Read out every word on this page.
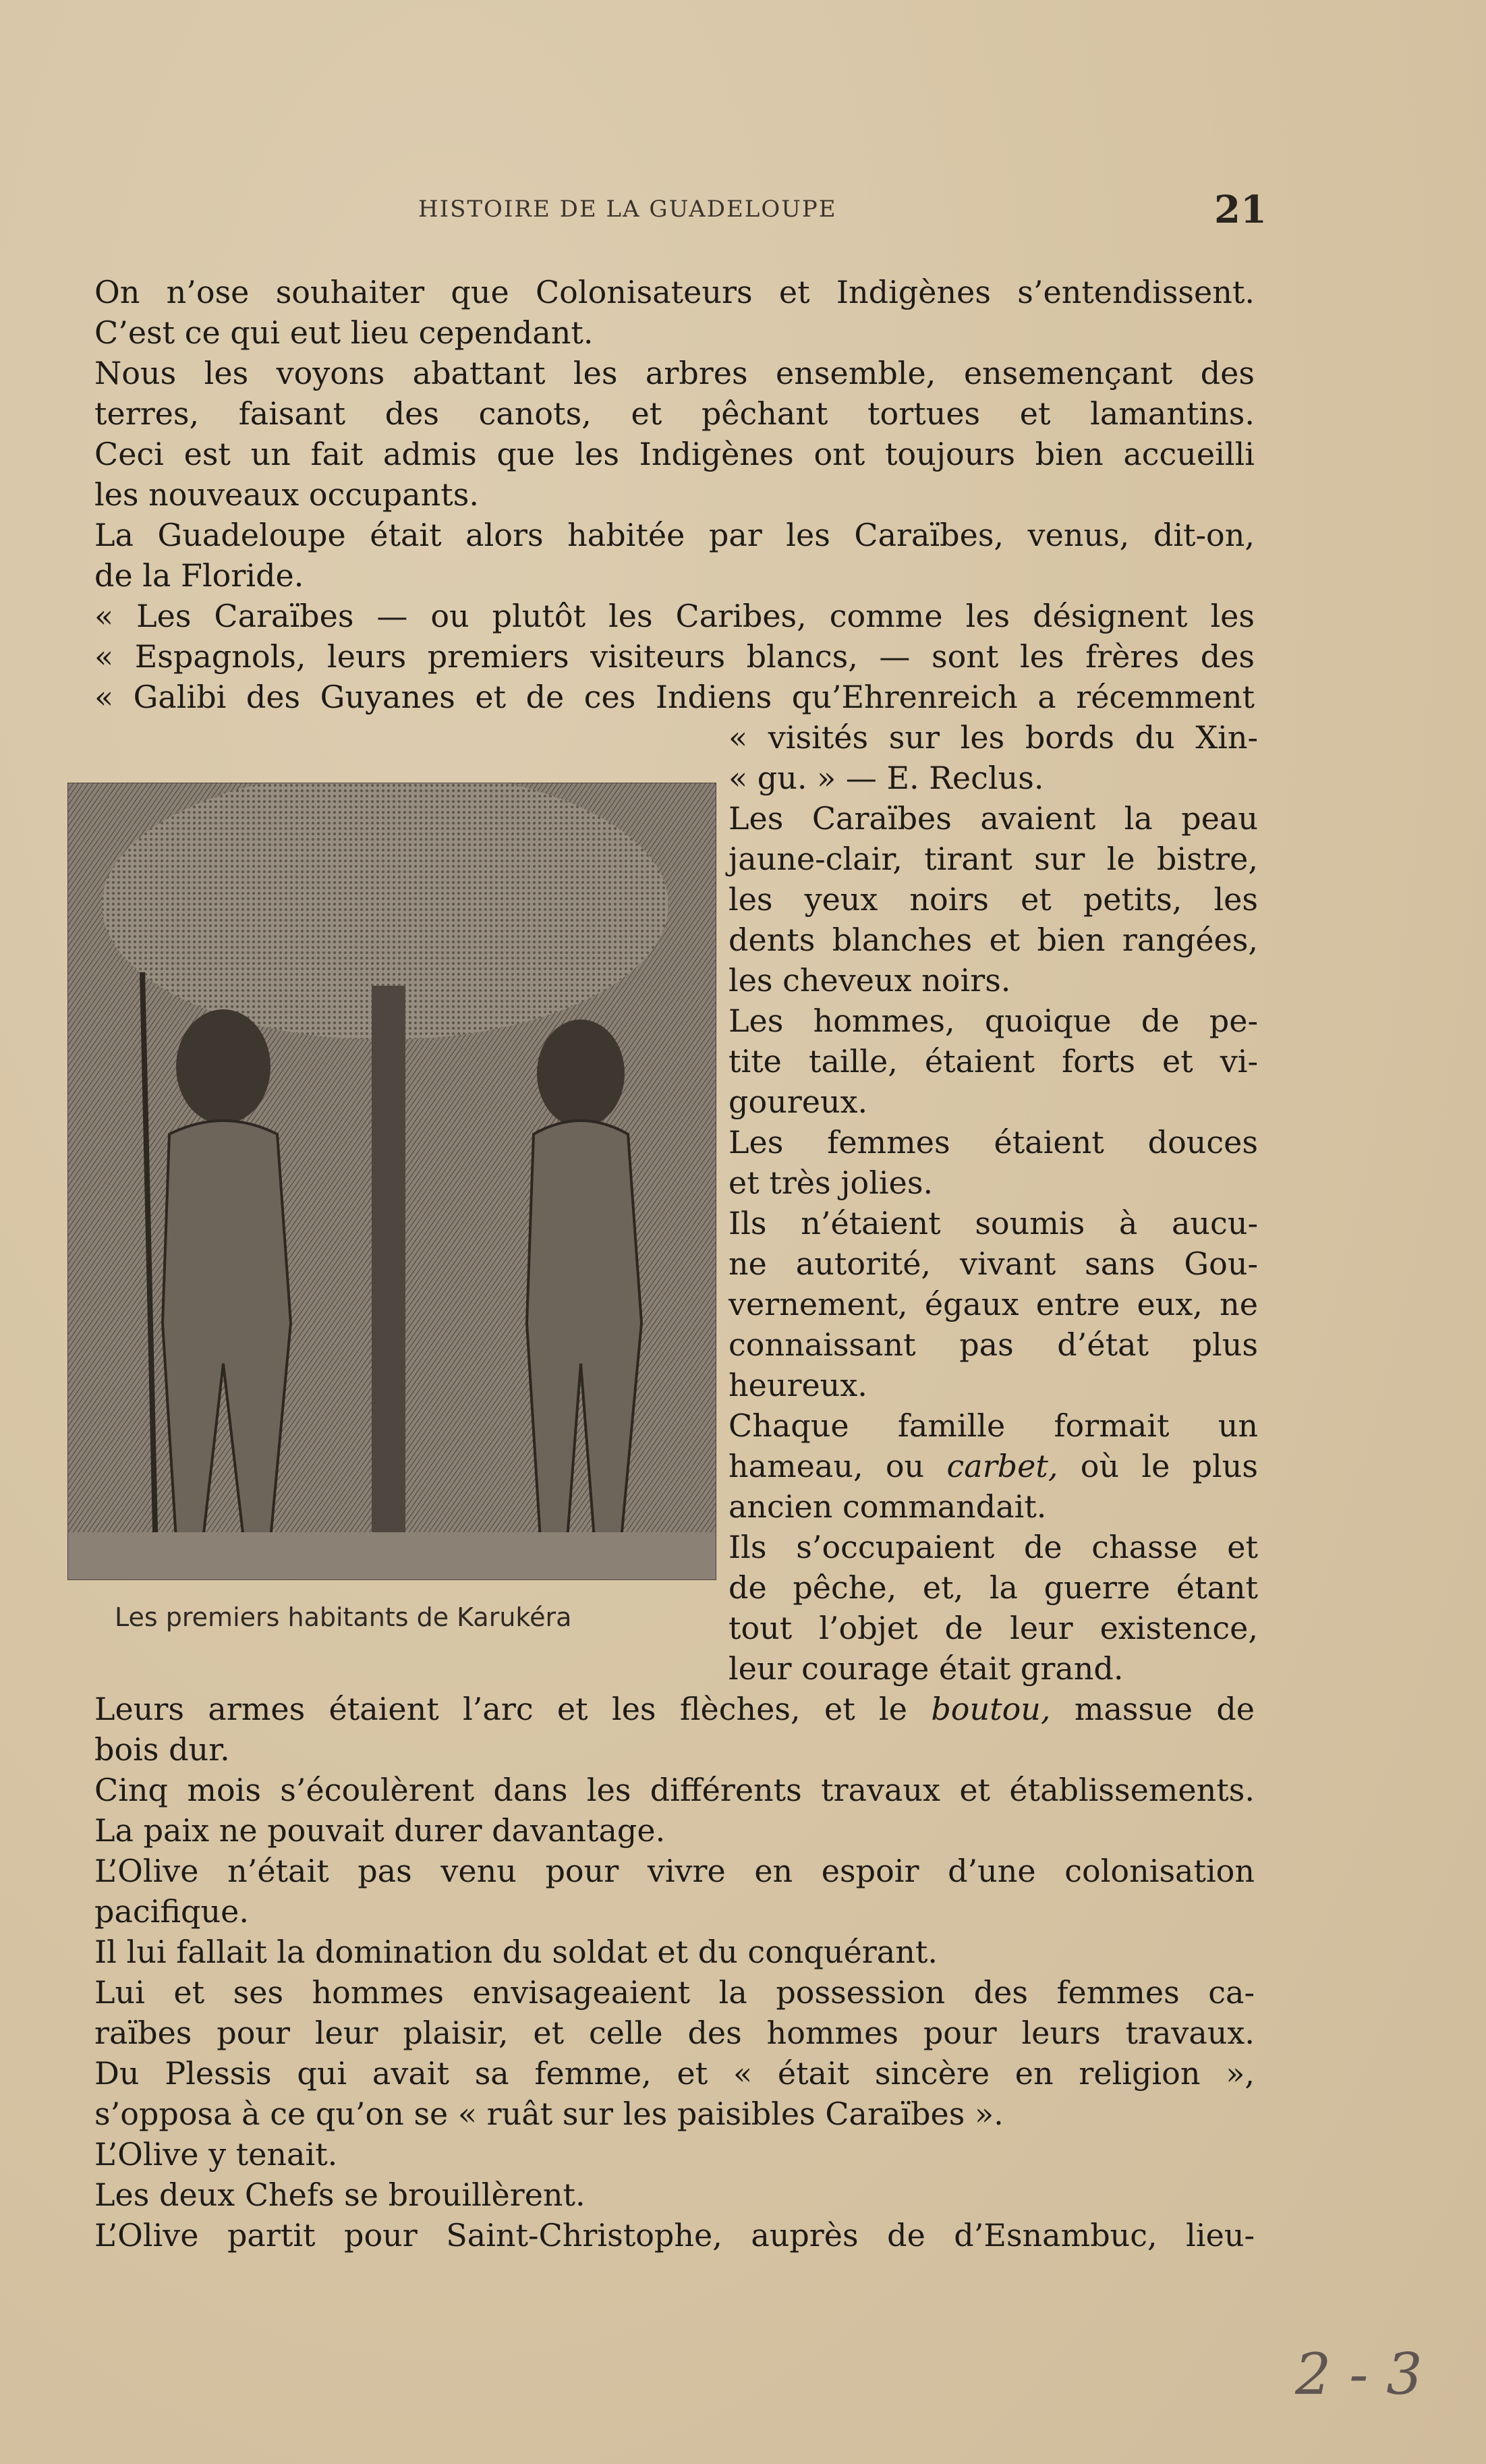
HISTOIRE DE LA GUADELOUPE	21
On n’ose souhaiter que Colonisateurs et Indigènes s’entendissent.
C’est ce qui eut lieu cependant.
Nous les voyons abattant les arbres ensemble, ensemençant des
terres, faisant des canots, et pêchant tortues et lamantins.
Ceci est un fait admis que les Indigènes ont toujours bien accueilli
les nouveaux occupants.
La Guadeloupe était alors habitée par les Caraïbes, venus, dit-on,
de la Floride.
« Les Caraïbes — ou plutôt les Caribes, comme les désignent les
« Espagnols, leurs premiers visiteurs blancs, — sont les frères des
« Galibi des Guyanes et de ces Indiens qu’Ehrenreich a récemment
Les premiers habitants de Karukéra
« visités sur les bords du Xin-
« gu. » — E. Reclus.
Les Caraïbes avaient la peau
jaune-clair, tirant sur le bistre,
les yeux noirs et petits, les
dents blanches et bien rangées,
les cheveux noirs.
Les hommes, quoique de pe-
tite taille, étaient forts et vi-
goureux.
Les femmes étaient douces
et très jolies.
Ils n’étaient soumis à aucu-
ne autorité, vivant sans Gou-
vernement, égaux entre eux, ne
connaissant pas d’état plus
heureux.
Chaque famille formait un
hameau, ou carbet, où le plus
ancien commandait.
Ils s’occupaient de chasse et
de pêche, et, la guerre étant
tout l’objet de leur existence,
leur courage était grand.
Leurs armes étaient l’arc et les flèches, et le boutou, massue de
bois dur.
Cinq mois s’écoulèrent dans les différents travaux et établissements.
La paix ne pouvait durer davantage.
L’Olive n’était pas venu pour vivre en espoir d’une colonisation
pacifique.
Il lui fallait la domination du soldat et du conquérant.
Lui et ses hommes envisageaient la possession des femmes ca-
raïbes pour leur plaisir, et celle des hommes pour leurs travaux.
Du Plessis qui avait sa femme, et « était sincère en religion »,
s’opposa à ce qu’on se « ruât sur les paisibles Caraïbes ».
L’Olive y tenait.
Les deux Chefs se brouillèrent.
L’Olive partit pour Saint-Christophe, auprès de d’Esnambuc, lieu-
2 - 3
